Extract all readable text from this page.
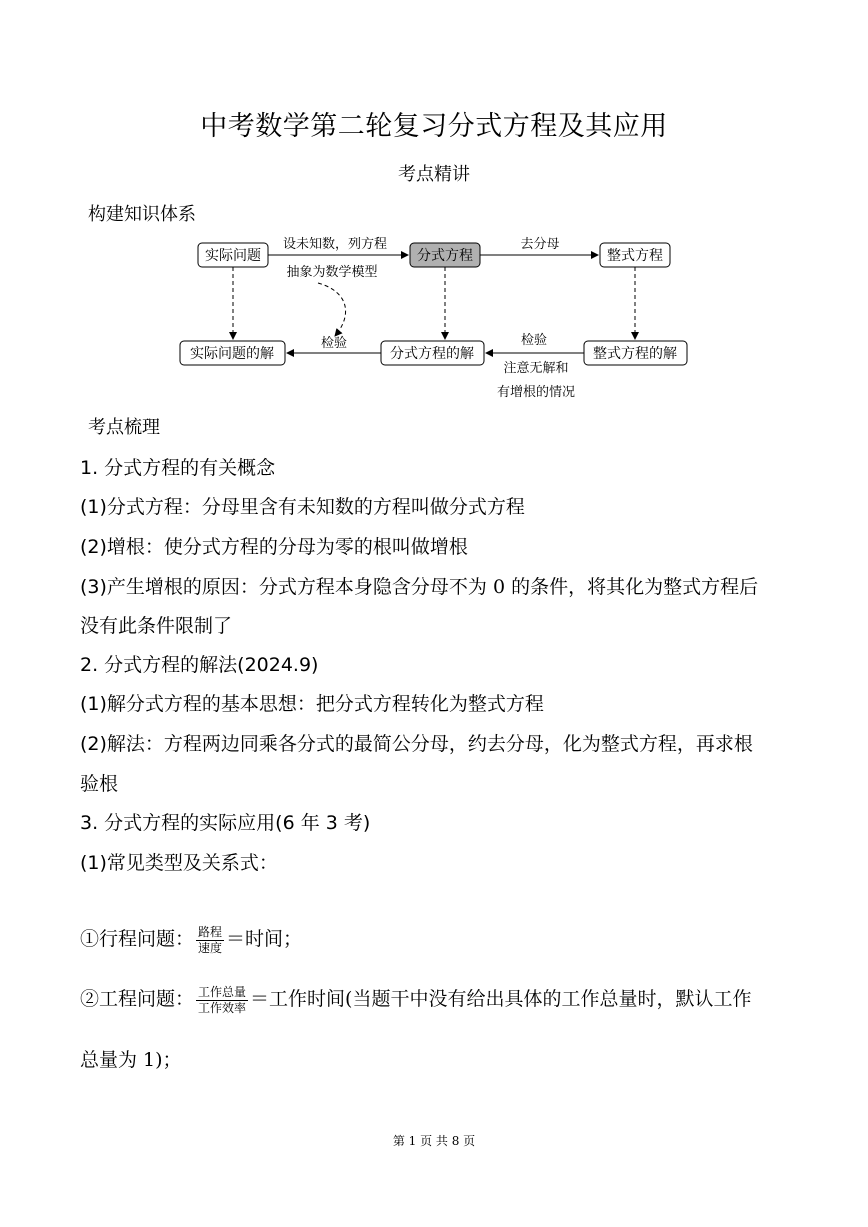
中考数学第二轮复习分式方程及其应用
考点精讲
构建知识体系
实际问题	分式方程	整式方程
实际问题的解	分式方程的解	整式方程的解
设未知数，列方程
抽象为数学模型
去分母
检验	检验
注意无解和
有增根的情况
考点梳理
1. 分式方程的有关概念
(1)分式方程：分母里含有未知数的方程叫做分式方程
(2)增根：使分式方程的分母为零的根叫做增根
(3)产生增根的原因：分式方程本身隐含分母不为 0 的条件，将其化为整式方程后
没有此条件限制了
2. 分式方程的解法(2024.9)
(1)解分式方程的基本思想：把分式方程转化为整式方程
(2)解法：方程两边同乘各分式的最简公分母，约去分母，化为整式方程，再求根
验根
3. 分式方程的实际应用(6 年 3 考)
(1)常见类型及关系式：
①行程问题： $\frac{\text{路程}}{\text{速度}}$ ＝时间；
②工程问题： $\frac{\text{工作总量}}{\text{工作效率}}$ ＝工作时间(当题干中没有给出具体的工作总量时，默认工作
总量为 1)；
第 1 页 共 8 页
